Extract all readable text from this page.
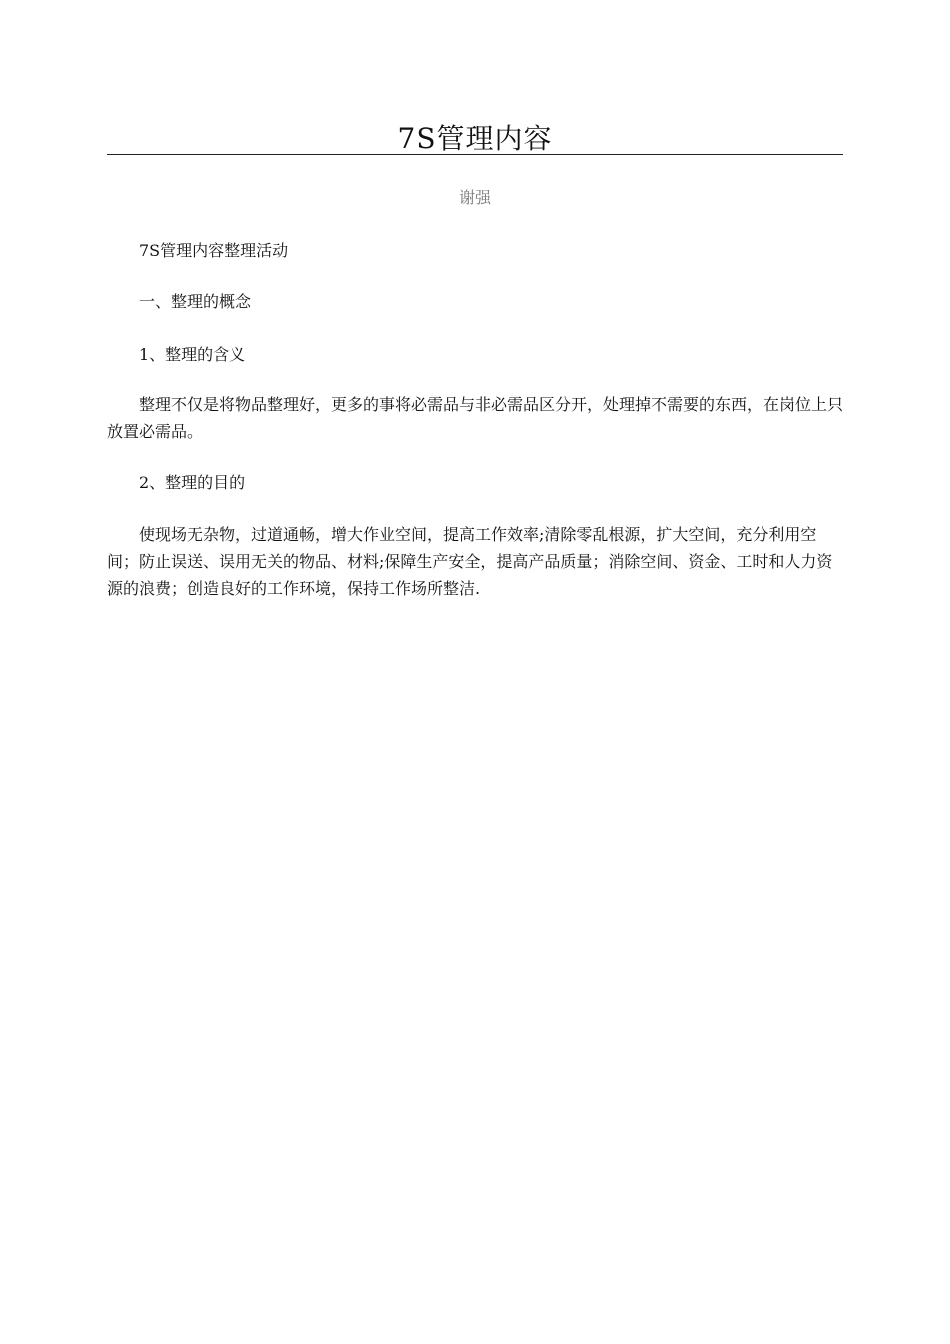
7S管理内容
谢强

7S管理内容整理活动

一、整理的概念

1、整理的含义

整理不仅是将物品整理好，更多的事将必需品与非必需品区分开，处理掉不需要的东西，在岗位上只放置必需品。

2、整理的目的

使现场无杂物，过道通畅，增大作业空间，提高工作效率;清除零乱根源，扩大空间，充分利用空间；防止误送、误用无关的物品、材料;保障生产安全，提高产品质量；消除空间、资金、工时和人力资源的浪费；创造良好的工作环境，保持工作场所整洁.
